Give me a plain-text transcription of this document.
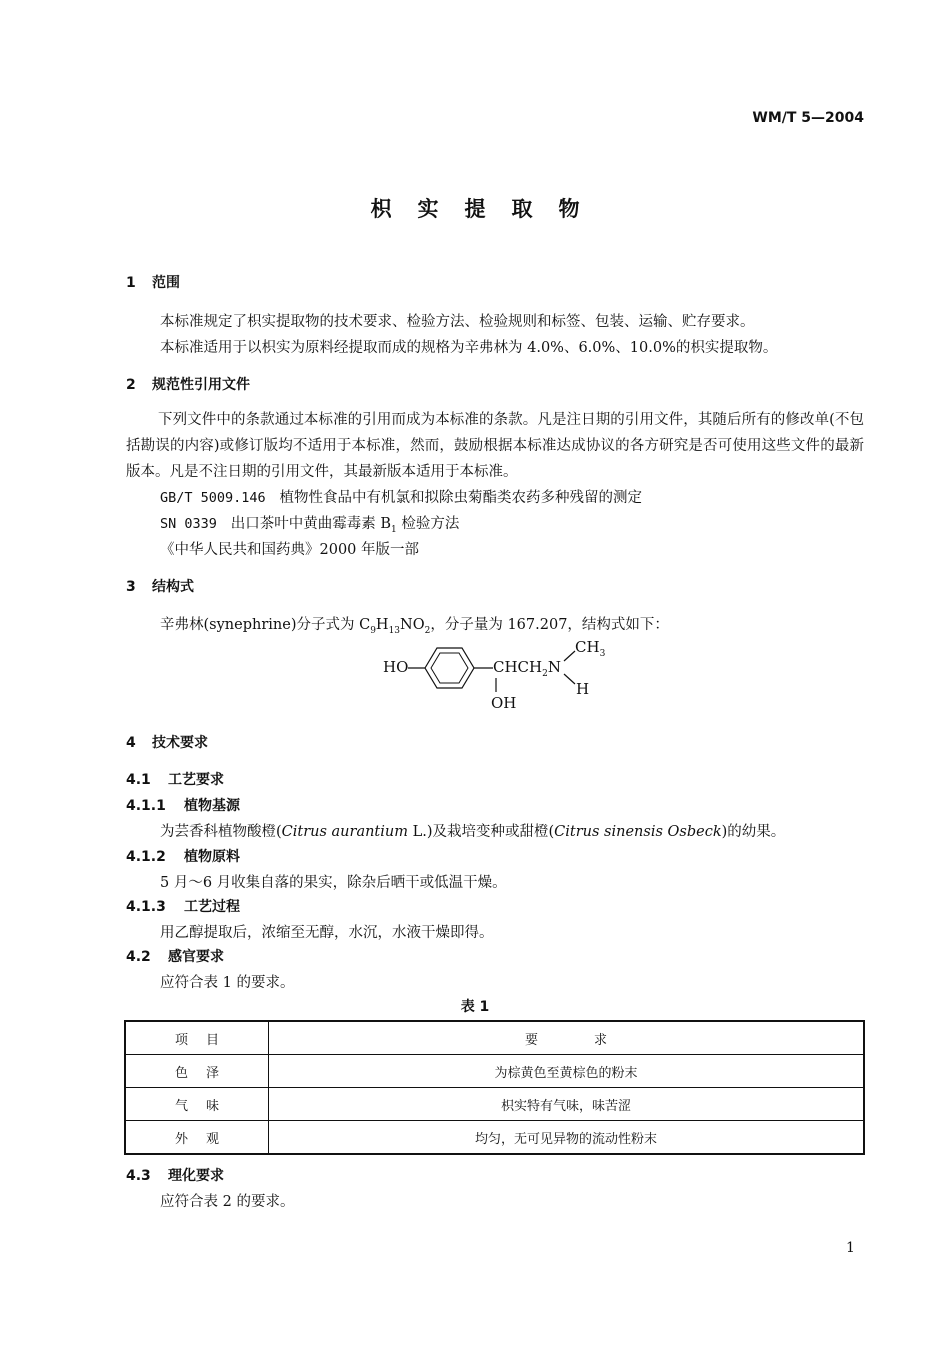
WM/T 5—2004
枳实提取物
1 范围
本标准规定了枳实提取物的技术要求、检验方法、检验规则和标签、包装、运输、贮存要求。
本标准适用于以枳实为原料经提取而成的规格为辛弗林为 4.0%、6.0%、10.0%的枳实提取物。
2 规范性引用文件
下列文件中的条款通过本标准的引用而成为本标准的条款。凡是注日期的引用文件，其随后所有的修改单(不包括勘误的内容)或修订版均不适用于本标准，然而，鼓励根据本标准达成协议的各方研究是否可使用这些文件的最新版本。凡是不注日期的引用文件，其最新版本适用于本标准。
GB/T 5009.146 植物性食品中有机氯和拟除虫菊酯类农药多种残留的测定
SN 0339 出口茶叶中黄曲霉毒素 $B_1$ 检验方法
《中华人民共和国药典》2000 年版一部
3 结构式
辛弗林(synephrine)分子式为 $C_9H_{13}NO_2$，分子量为 167.207，结构式如下：
HO	$CHCH_2N$
$CH_3$
H
OH
4 技术要求
4.1 工艺要求
4.1.1 植物基源
为芸香科植物酸橙(Citrus aurantium L.)及栽培变种或甜橙(Citrus sinensis Osbeck)的幼果。
4.1.2 植物原料
5 月～6 月收集自落的果实，除杂后晒干或低温干燥。
4.1.3 工艺过程
用乙醇提取后，浓缩至无醇，水沉，水液干燥即得。
4.2 感官要求
应符合表 1 的要求。
表 1
项目	要求
色泽	为棕黄色至黄棕色的粉末
气味	枳实特有气味，味苦涩
外观	均匀，无可见异物的流动性粉末
4.3 理化要求
应符合表 2 的要求。
1
